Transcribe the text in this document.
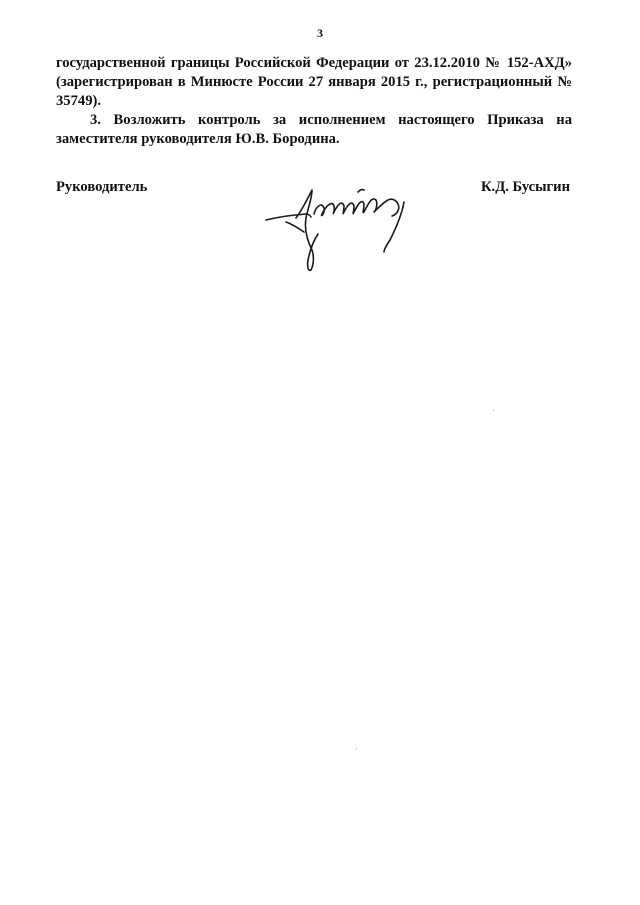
3

государственной границы Российской Федерации от 23.12.2010 № 152-АХД» (зарегистрирован в Минюсте России 27 января 2015 г., регистрационный № 35749).

3. Возложить контроль за исполнением настоящего Приказа на заместителя руководителя Ю.В. Бородина.

Руководитель	К.Д. Бусыгин
